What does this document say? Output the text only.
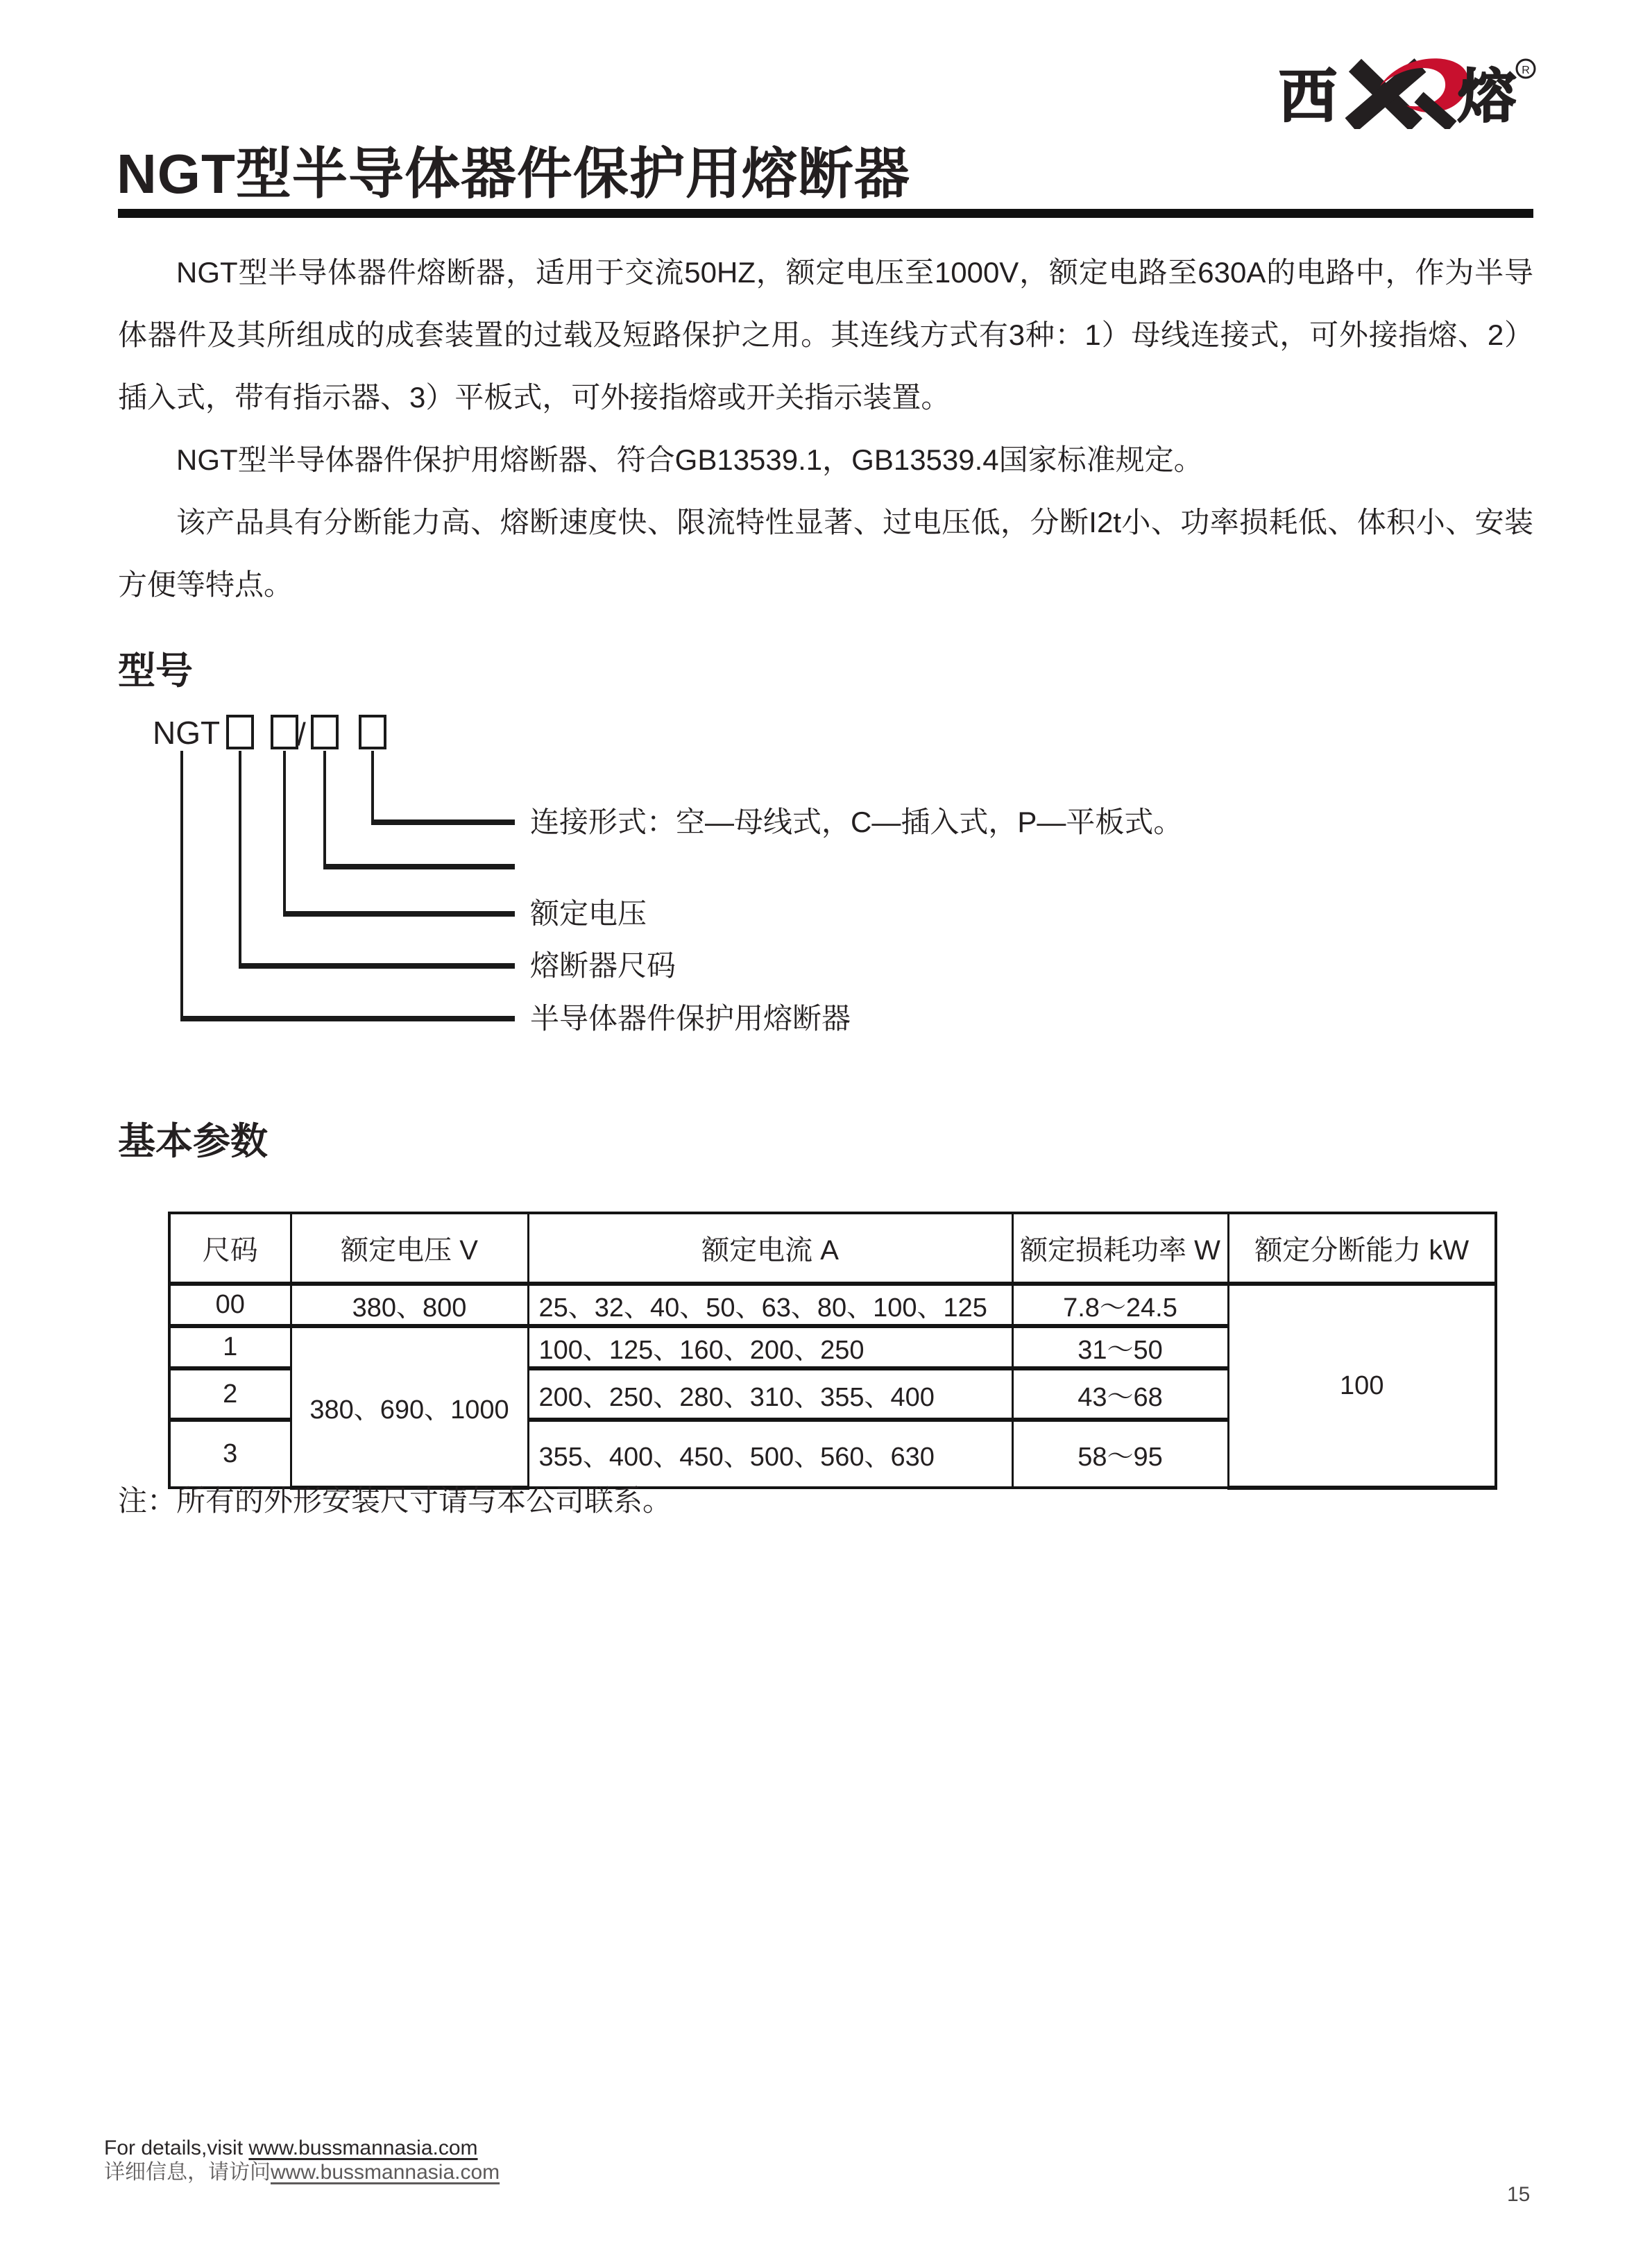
西 熔 R
NGT型半导体器件保护用熔断器

NGT型半导体器件熔断器，适用于交流50HZ，额定电压至1000V，额定电路至630A的电路中，作为半导体器件及其所组成的成套装置的过载及短路保护之用。其连线方式有3种：1）母线连接式，可外接指熔、2）插入式，带有指示器、3）平板式，可外接指熔或开关指示装置。

NGT型半导体器件保护用熔断器、符合GB13539.1，GB13539.4国家标准规定。

该产品具有分断能力高、熔断速度快、限流特性显著、过电压低，分断I2t小、功率损耗低、体积小、安装方便等特点。

型号
NGT /
连接形式：空—母线式，C—插入式，P—平板式。
额定电压
熔断器尺码
半导体器件保护用熔断器
基本参数
尺码	额定电压 V	额定电流 A	额定损耗功率 W	额定分断能力 kW
00	380、800	25、32、40、50、63、80、100、125	7.8～24.5	100
1	380、690、1000	100、125、160、200、250	31～50	
2		200、250、280、310、355、400	43～68	
3		355、400、450、500、560、630	58～95	

注：所有的外形安装尺寸请与本公司联系。

For details,visit www.bussmannasia.com
详细信息，请访问www.bussmannasia.com
15
